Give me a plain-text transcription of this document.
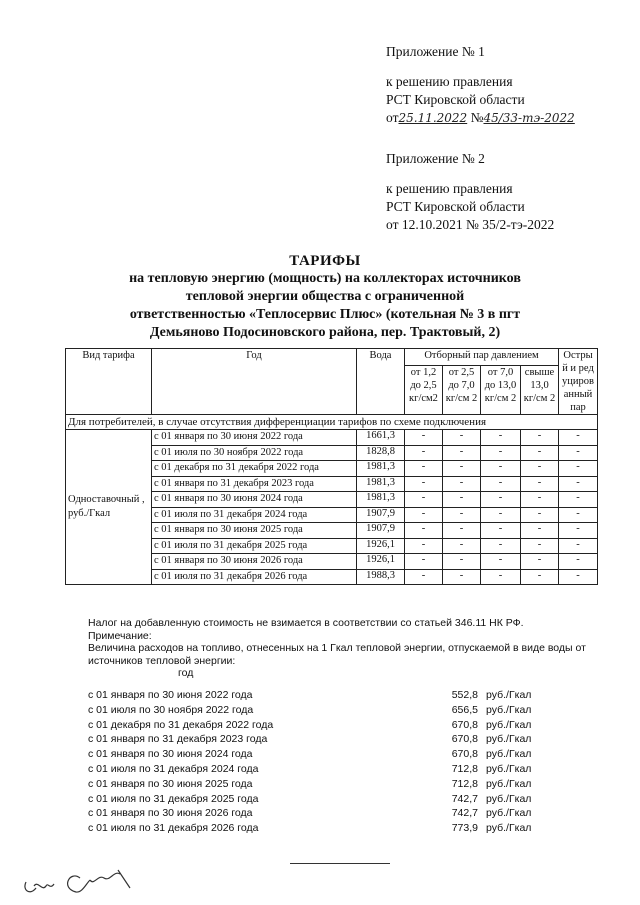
Приложение № 1
к решению правления
РСТ Кировской области
от25.11.2022 №45/33-тэ-2022
Приложение № 2
к решению правления
РСТ Кировской области
от 12.10.2021 № 35/2-тэ-2022
ТАРИФЫ
на тепловую энергию (мощность) на коллекторах источников
тепловой энергии общества с ограниченной
ответственностью «Теплосервис Плюс» (котельная № 3 в пгт
Демьяново Подосиновского района, пер. Трактовый, 2)
Вид тарифа	Год	Вода	Отборный пар давлением				Острый и редуцированный пар
			от 1,2 до 2,5 кг/см2	от 2,5 до 7,0 кг/см 2	от 7,0 до 13,0 кг/см 2	свыше 13,0 кг/см 2	
Для потребителей, в случае отсутствия дифференциации тарифов по схеме подключения							
Одноставочный , руб./Гкал	с 01 января по 30 июня 2022 года	1661,3	-	-	-	-	-
	с 01 июля по 30 ноября 2022 года	1828,8	-	-	-	-	-
	с 01 декабря по 31 декабря 2022 года	1981,3	-	-	-	-	-
	с 01 января по 31 декабря 2023 года	1981,3	-	-	-	-	-
	с 01 января по 30 июня 2024 года	1981,3	-	-	-	-	-
	с 01 июля по 31 декабря 2024 года	1907,9	-	-	-	-	-
	с 01 января по 30 июня 2025 года	1907,9	-	-	-	-	-
	с 01 июля по 31 декабря 2025 года	1926,1	-	-	-	-	-
	с 01 января по 30 июня 2026 года	1926,1	-	-	-	-	-
	с 01 июля по 31 декабря 2026 года	1988,3	-	-	-	-	-

Налог на добавленную стоимость не взимается в соответствии со статьей 346.11 НК РФ.

Примечание:

Величина расходов на топливо, отнесенных на 1 Гкал тепловой энергии, отпускаемой в виде воды от источников тепловой энергии:

год

с 01 января по 30 июня 2022 года	552,8 руб./Гкал
с 01 июля по 30 ноября 2022 года	656,5 руб./Гкал
с 01 декабря по 31 декабря 2022 года	670,8 руб./Гкал
с 01 января по 31 декабря 2023 года	670,8 руб./Гкал
с 01 января по 30 июня 2024 года	670,8 руб./Гкал
с 01 июля по 31 декабря 2024 года	712,8 руб./Гкал
с 01 января по 30 июня 2025 года	712,8 руб./Гкал
с 01 июля по 31 декабря 2025 года	742,7 руб./Гкал
с 01 января по 30 июня 2026 года	742,7 руб./Гкал
с 01 июля по 31 декабря 2026 года	773,9 руб./Гкал
